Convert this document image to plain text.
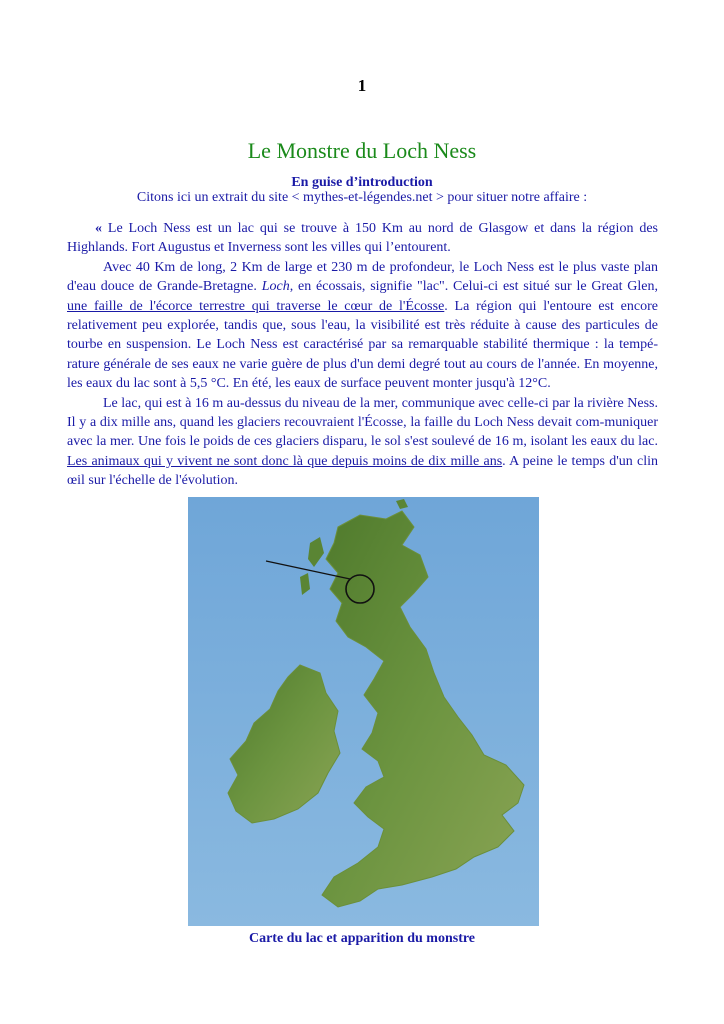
1
Le Monstre du Loch Ness
En guise d’introduction
Citons ici un extrait du site < mythes-et-légendes.net > pour situer notre affaire :

« Le Loch Ness est un lac qui se trouve à 150 Km au nord de Glasgow et dans la région des Highlands. Fort Augustus et Inverness sont les villes qui l’entourent.

Avec 40 Km de long, 2 Km de large et 230 m de profondeur, le Loch Ness est le plus vaste plan d'eau douce de Grande-Bretagne. Loch, en écossais, signifie "lac". Celui-ci est situé sur le Great Glen, une faille de l'écorce terrestre qui traverse le cœur de l'Écosse. La région qui l'entoure est encore relativement peu explorée, tandis que, sous l'eau, la visibilité est très réduite à cause des particules de tourbe en suspension. Le Loch Ness est caractérisé par sa remarquable stabilité thermique : la tempé-rature générale de ses eaux ne varie guère de plus d'un demi degré tout au cours de l'année. En moyenne, les eaux du lac sont à 5,5 °C. En été, les eaux de surface peuvent monter jusqu'à 12°C.

Le lac, qui est à 16 m au-dessus du niveau de la mer, communique avec celle-ci par la rivière Ness. Il y a dix mille ans, quand les glaciers recouvraient l'Écosse, la faille du Loch Ness devait com-muniquer avec la mer. Une fois le poids de ces glaciers disparu, le sol s'est soulevé de 16 m, isolant les eaux du lac. Les animaux qui y vivent ne sont donc là que depuis moins de dix mille ans. A peine le temps d'un clin œil sur l'échelle de l'évolution.

Carte du lac et apparition du monstre
